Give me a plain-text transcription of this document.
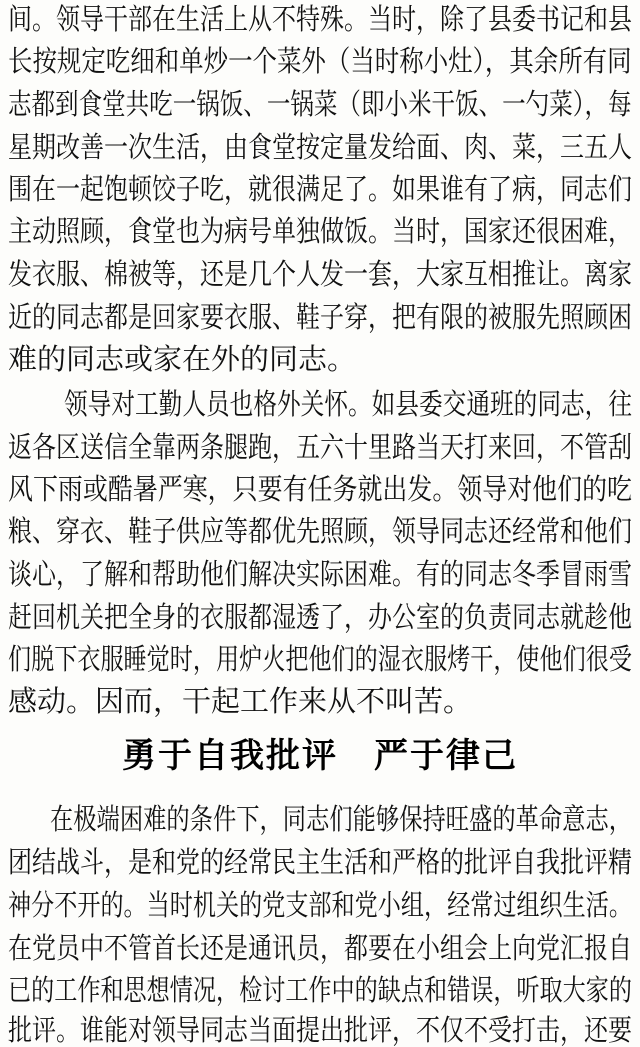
间。领导干部在生活上从不特殊。当时，除了县委书记和县
长按规定吃细和单炒一个菜外（当时称小灶），其余所有同
志都到食堂共吃一锅饭、一锅菜（即小米干饭、一勺菜），每
星期改善一次生活，由食堂按定量发给面、肉、菜，三五人
围在一起饱顿饺子吃，就很满足了。如果谁有了病，同志们
主动照顾，食堂也为病号单独做饭。当时，国家还很困难，
发衣服、棉被等，还是几个人发一套，大家互相推让。离家
近的同志都是回家要衣服、鞋子穿，把有限的被服先照顾困
难的同志或家在外的同志。
领导对工勤人员也格外关怀。如县委交通班的同志，往
返各区送信全靠两条腿跑，五六十里路当天打来回，不管刮
风下雨或酷暑严寒，只要有任务就出发。领导对他们的吃
粮、穿衣、鞋子供应等都优先照顾，领导同志还经常和他们
谈心，了解和帮助他们解决实际困难。有的同志冬季冒雨雪
赶回机关把全身的衣服都湿透了，办公室的负责同志就趁他
们脱下衣服睡觉时，用炉火把他们的湿衣服烤干，使他们很受
感动。因而，干起工作来从不叫苦。
勇于自我批评　严于律己
在极端困难的条件下，同志们能够保持旺盛的革命意志，
团结战斗，是和党的经常民主生活和严格的批评自我批评精
神分不开的。当时机关的党支部和党小组，经常过组织生活。
在党员中不管首长还是通讯员，都要在小组会上向党汇报自
已的工作和思想情况，检讨工作中的缺点和错误，听取大家的
批评。谁能对领导同志当面提出批评，不仅不受打击，还要
